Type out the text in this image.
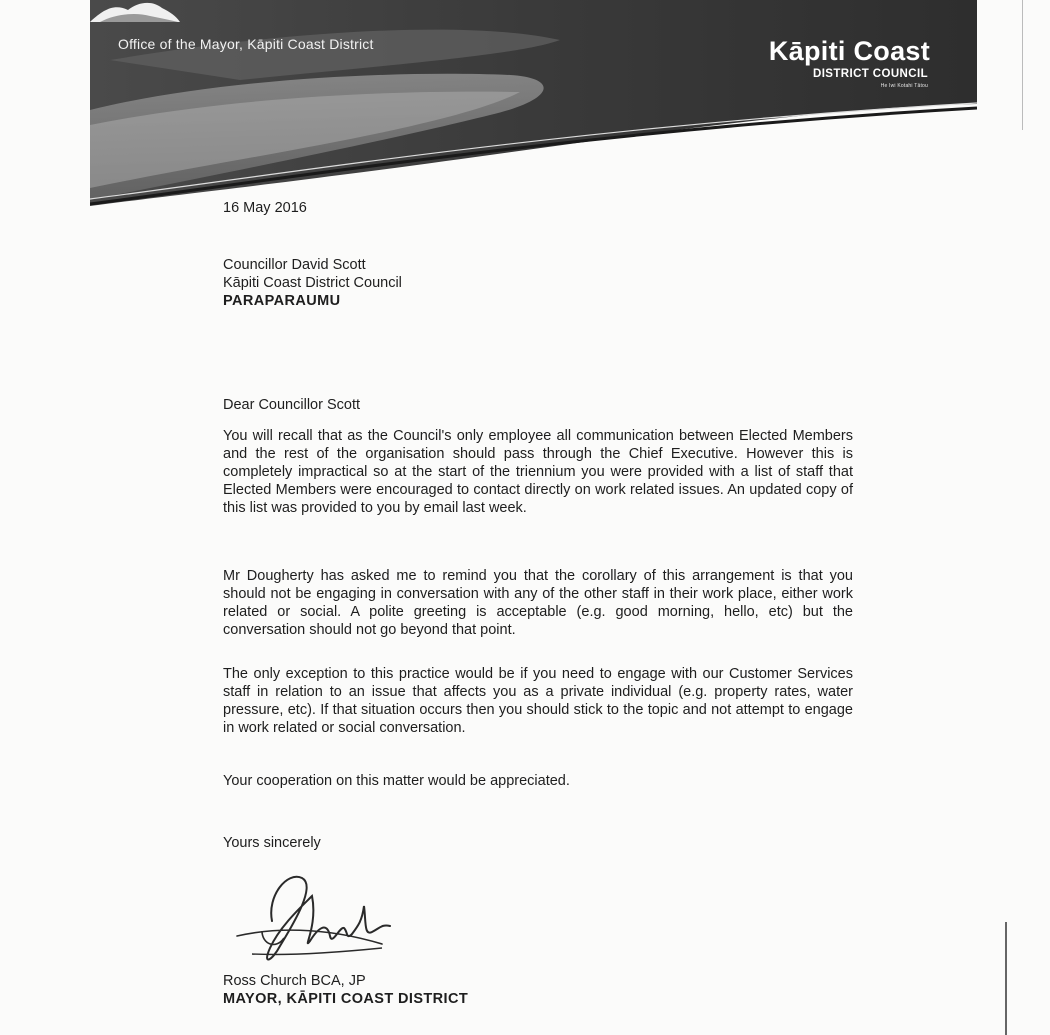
Office of the Mayor, Kāpiti Coast District	Kāpiti Coast
DISTRICT COUNCIL
He Iwi Kotahi Tātou
16 May 2016
Councillor David Scott
Kāpiti Coast District Council
PARAPARAUMU
Dear Councillor Scott
You will recall that as the Council's only employee all communication between Elected Members and the rest of the organisation should pass through the Chief Executive. However this is completely impractical so at the start of the triennium you were provided with a list of staff that Elected Members were encouraged to contact directly on work related issues. An updated copy of this list was provided to you by email last week.
Mr Dougherty has asked me to remind you that the corollary of this arrangement is that you should not be engaging in conversation with any of the other staff in their work place, either work related or social. A polite greeting is acceptable (e.g. good morning, hello, etc) but the conversation should not go beyond that point.
The only exception to this practice would be if you need to engage with our Customer Services staff in relation to an issue that affects you as a private individual (e.g. property rates, water pressure, etc). If that situation occurs then you should stick to the topic and not attempt to engage in work related or social conversation.
Your cooperation on this matter would be appreciated.
Yours sincerely
Ross Church BCA, JP
MAYOR, KĀPITI COAST DISTRICT
